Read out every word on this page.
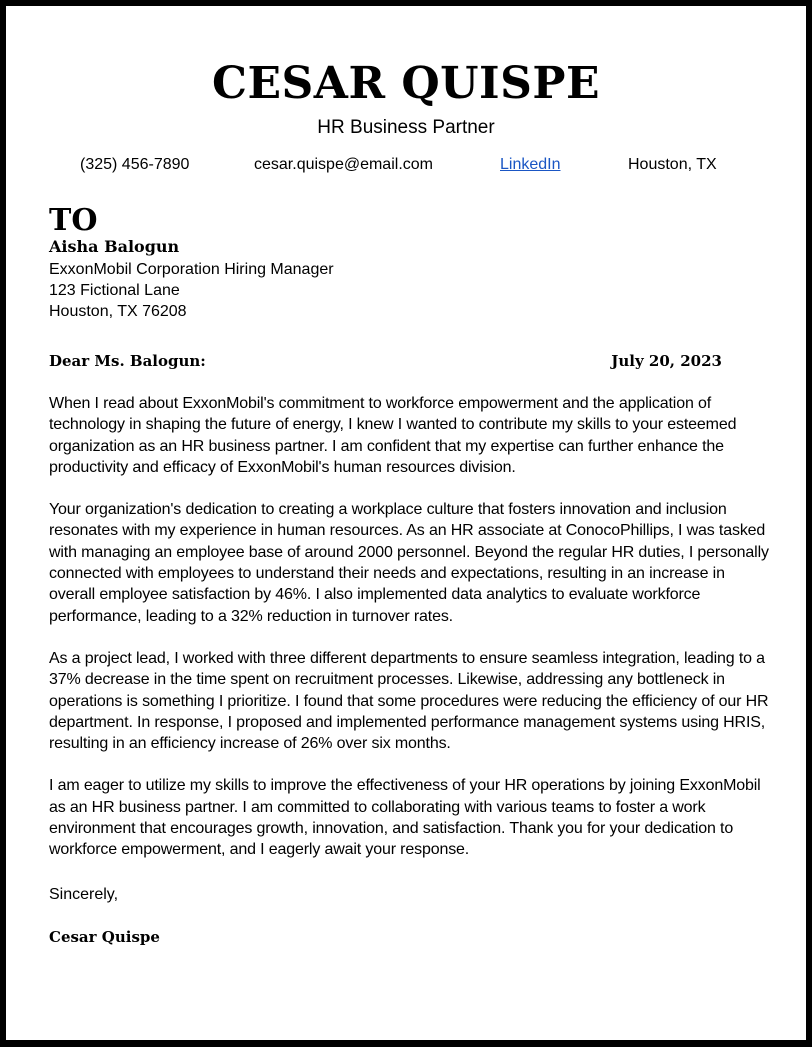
CESAR QUISPE
HR Business Partner
(325) 456-7890	cesar.quispe@email.com	LinkedIn	Houston, TX
TO
Aisha Balogun
ExxonMobil Corporation Hiring Manager
123 Fictional Lane
Houston, TX 76208
Dear Ms. Balogun:	July 20, 2023

When I read about ExxonMobil's commitment to workforce empowerment and the application of technology in shaping the future of energy, I knew I wanted to contribute my skills to your esteemed organization as an HR business partner. I am confident that my expertise can further enhance the productivity and efficacy of ExxonMobil's human resources division.

Your organization's dedication to creating a workplace culture that fosters innovation and inclusion resonates with my experience in human resources. As an HR associate at ConocoPhillips, I was tasked with managing an employee base of around 2000 personnel. Beyond the regular HR duties, I personally connected with employees to understand their needs and expectations, resulting in an increase in overall employee satisfaction by 46%. I also implemented data analytics to evaluate workforce performance, leading to a 32% reduction in turnover rates.

As a project lead, I worked with three different departments to ensure seamless integration, leading to a 37% decrease in the time spent on recruitment processes. Likewise, addressing any bottleneck in operations is something I prioritize. I found that some procedures were reducing the efficiency of our HR department. In response, I proposed and implemented performance management systems using HRIS, resulting in an efficiency increase of 26% over six months.

I am eager to utilize my skills to improve the effectiveness of your HR operations by joining ExxonMobil as an HR business partner. I am committed to collaborating with various teams to foster a work environment that encourages growth, innovation, and satisfaction. Thank you for your dedication to workforce empowerment, and I eagerly await your response.

Sincerely,
Cesar Quispe
